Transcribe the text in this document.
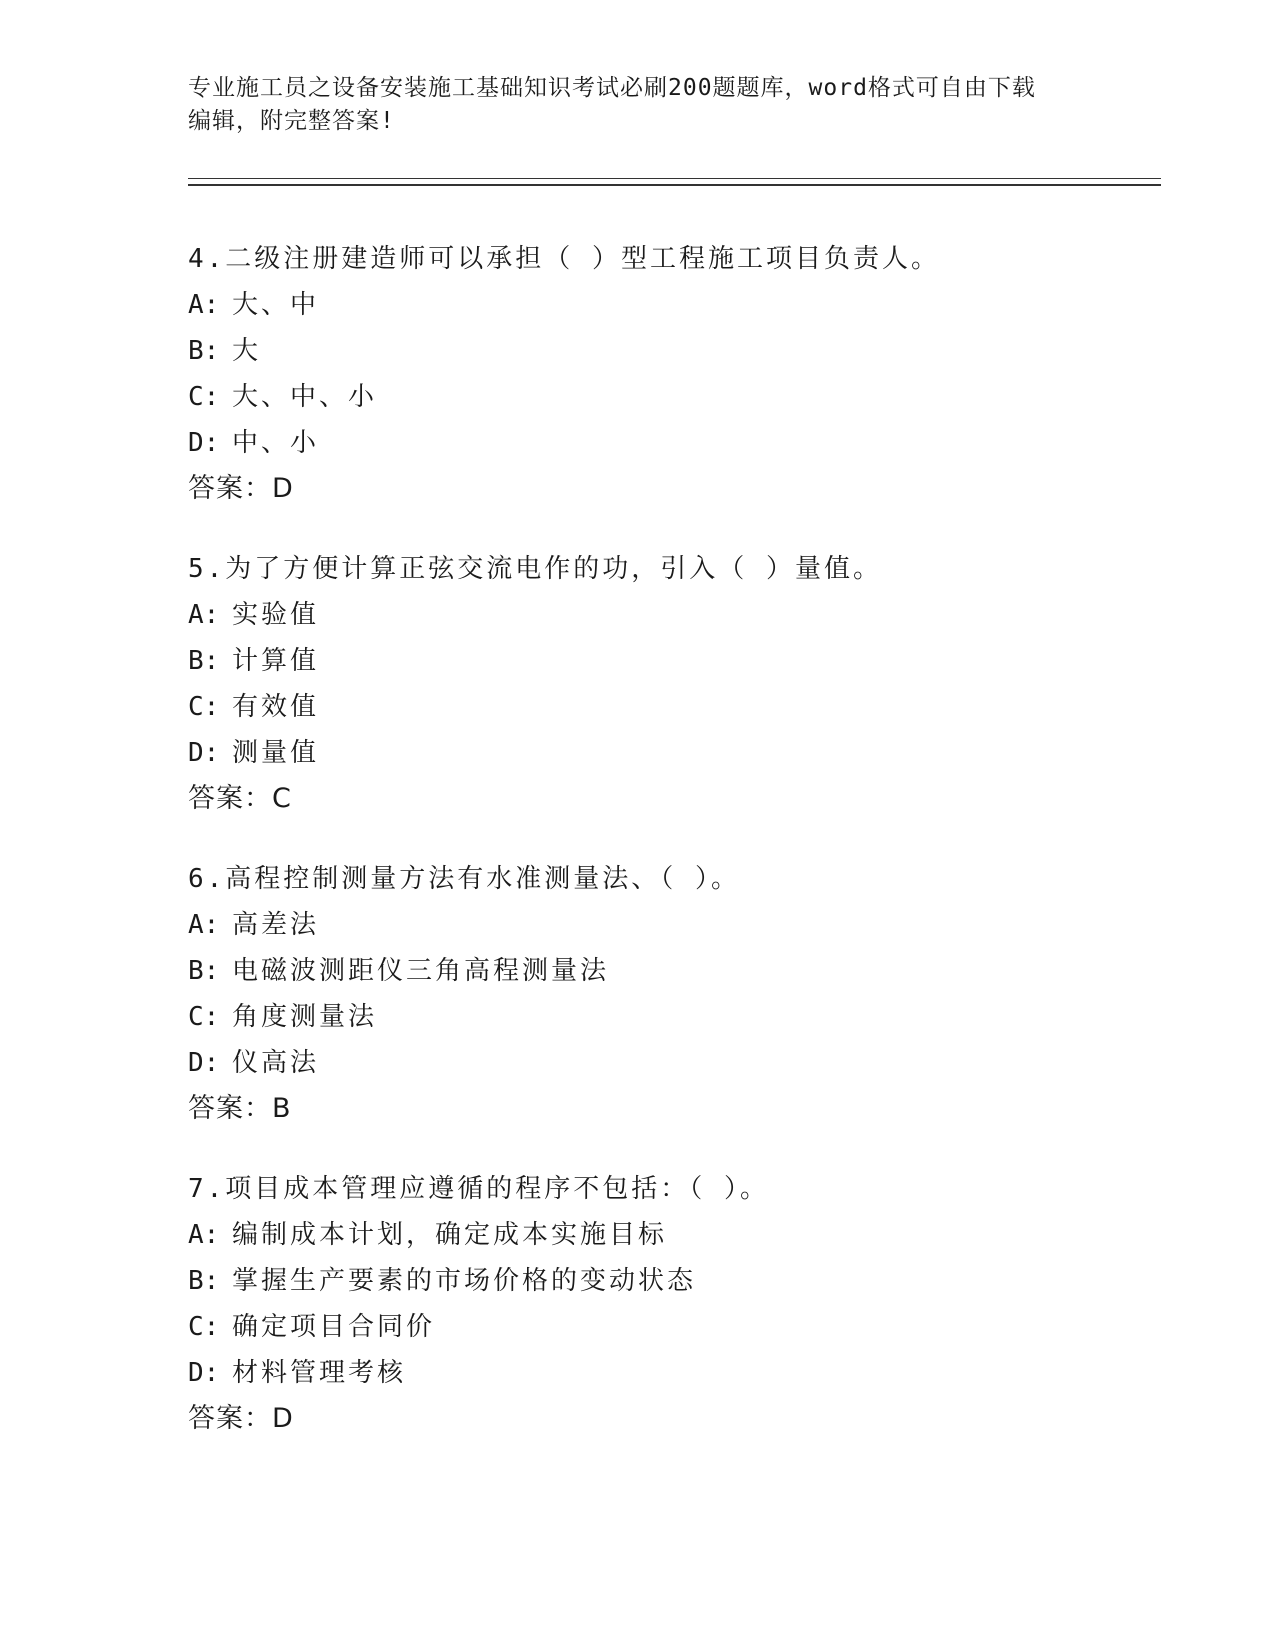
专业施工员之设备安装施工基础知识考试必刷200题题库，word格式可自由下载
编辑，附完整答案!
4.二级注册建造师可以承担（ ）型工程施工项目负责人。
A: 大、中
B: 大
C: 大、中、小
D: 中、小
答案：D
5.为了方便计算正弦交流电作的功，引入（ ）量值。
A: 实验值
B: 计算值
C: 有效值
D: 测量值
答案：C
6.高程控制测量方法有水准测量法、（ ）。
A: 高差法
B: 电磁波测距仪三角高程测量法
C: 角度测量法
D: 仪高法
答案：B
7.项目成本管理应遵循的程序不包括：（ ）。
A: 编制成本计划，确定成本实施目标
B: 掌握生产要素的市场价格的变动状态
C: 确定项目合同价
D: 材料管理考核
答案：D
